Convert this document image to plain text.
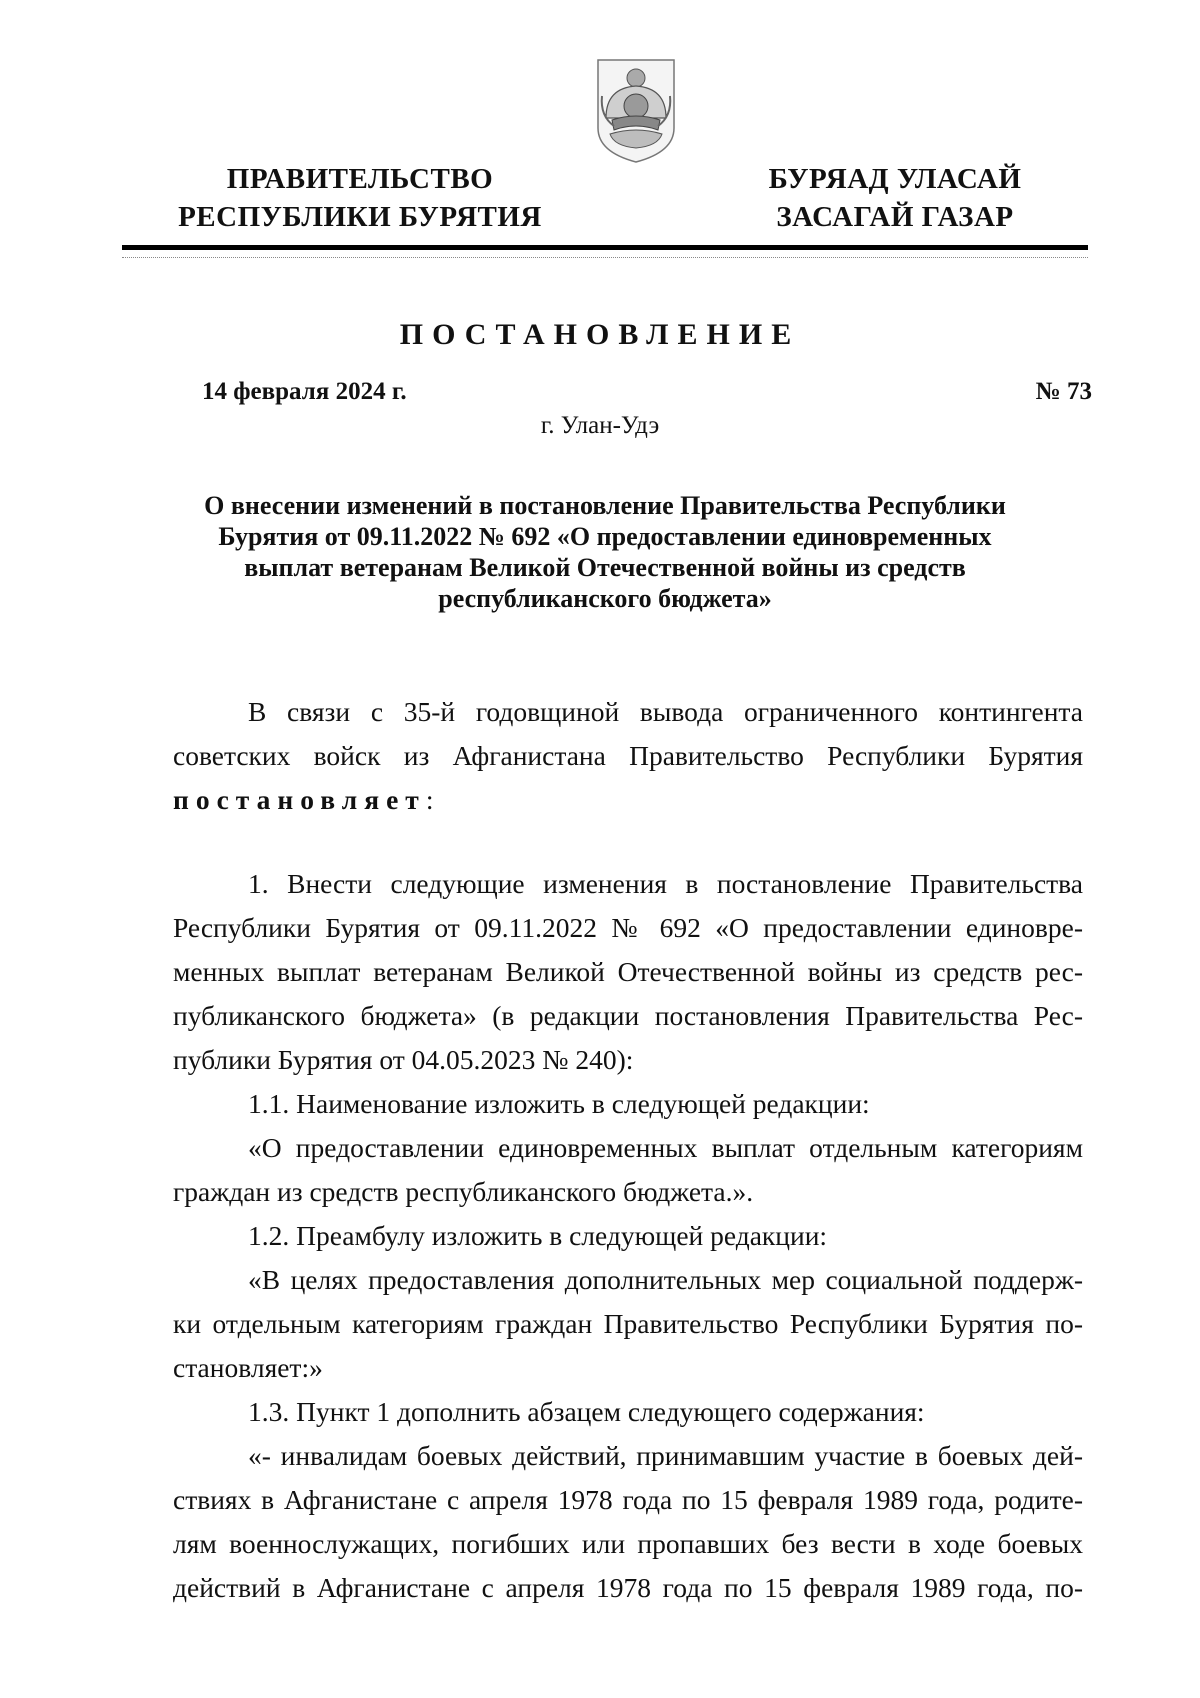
ПРАВИТЕЛЬСТВО
РЕСПУБЛИКИ БУРЯТИЯ
БУРЯАД УЛАСАЙ
ЗАСАГАЙ ГАЗАР
ПОСТАНОВЛЕНИЕ
14 февраля 2024 г.	№ 73
г. Улан-Удэ
О внесении изменений в постановление Правительства Республики
Бурятия от 09.11.2022 № 692 «О предоставлении единовременных
выплат ветеранам Великой Отечественной войны из средств
республиканского бюджета»
В связи с 35-й годовщиной вывода ограниченного контингента
советских войск из Афганистана Правительство Республики Бурятия
постановляет:
1. Внести следующие изменения в постановление Правительства
Республики Бурятия от 09.11.2022 № 692 «О предоставлении единовре-
менных выплат ветеранам Великой Отечественной войны из средств рес-
публиканского бюджета» (в редакции постановления Правительства Рес-
публики Бурятия от 04.05.2023 № 240):
1.1. Наименование изложить в следующей редакции:
«О предоставлении единовременных выплат отдельным категориям
граждан из средств республиканского бюджета.».
1.2. Преамбулу изложить в следующей редакции:
«В целях предоставления дополнительных мер социальной поддерж-
ки отдельным категориям граждан Правительство Республики Бурятия по-
становляет:»
1.3. Пункт 1 дополнить абзацем следующего содержания:
«- инвалидам боевых действий, принимавшим участие в боевых дей-
ствиях в Афганистане с апреля 1978 года по 15 февраля 1989 года, родите-
лям военнослужащих, погибших или пропавших без вести в ходе боевых
действий в Афганистане с апреля 1978 года по 15 февраля 1989 года, по-
